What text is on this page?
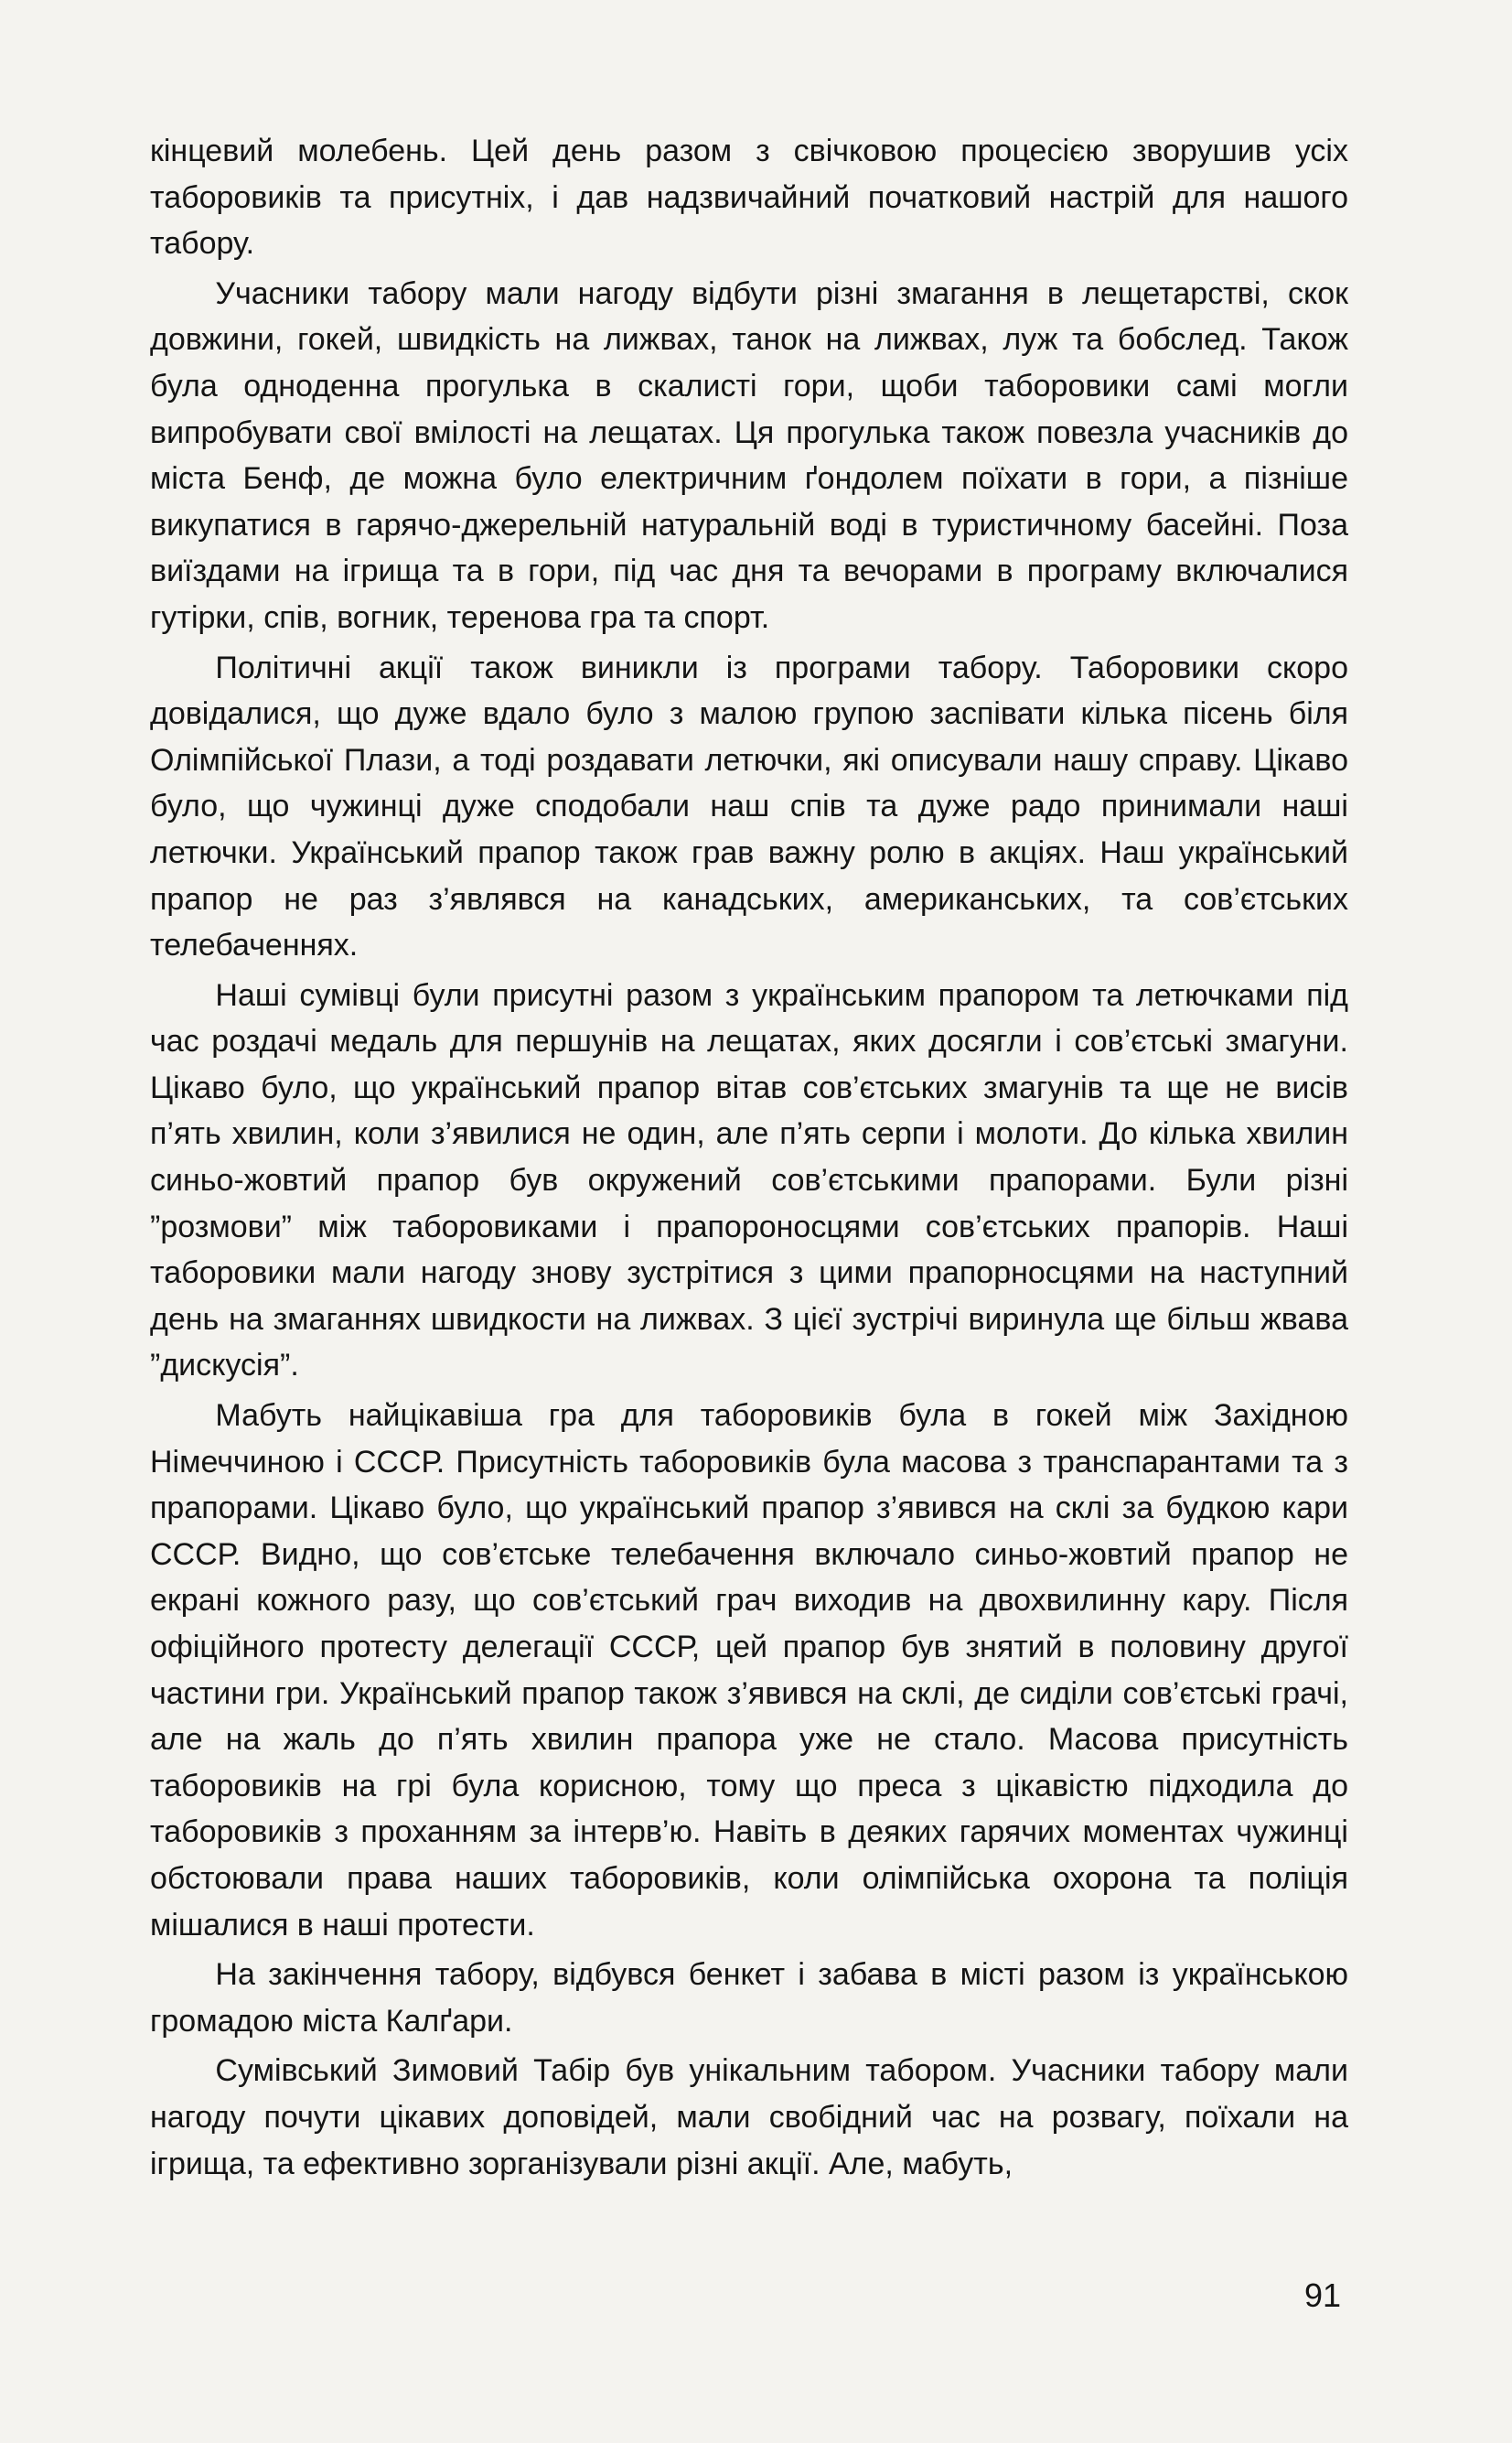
кінцевий молебень. Цей день разом з свічковою процесією зворушив усіх таборовиків та присутніх, і дав надзвичайний початковий настрій для нашого табору.

Учасники табору мали нагоду відбути різні змагання в лещетарстві, скок довжини, гокей, швидкість на лижвах, танок на лижвах, луж та бобслед. Також була одноденна прогулька в скалисті гори, щоби таборовики самі могли випробувати свої вмілості на лещатах. Ця прогулька також повезла учасників до міста Бенф, де можна було електричним ґондолем поїхати в гори, а пізніше викупатися в гарячо-джерельній натуральній воді в туристичному басейні. Поза виїздами на ігрища та в гори, під час дня та вечорами в програму включалися гутірки, спів, вогник, теренова гра та спорт.

Політичні акції також виникли із програми табору. Таборовики скоро довідалися, що дуже вдало було з малою групою заспівати кілька пісень біля Олімпійської Плази, а тоді роздавати летючки, які описували нашу справу. Цікаво було, що чужинці дуже сподобали наш спів та дуже радо принимали наші летючки. Український прапор також грав важну ролю в акціях. Наш український прапор не раз з’являвся на канадських, американських, та сов’єтських телебаченнях.

Наші сумівці були присутні разом з українським прапором та летючками під час роздачі медаль для першунів на лещатах, яких досягли і сов’єтські змагуни. Цікаво було, що український прапор вітав сов’єтських змагунів та ще не висів п’ять хвилин, коли з’явилися не один, але п’ять серпи і молоти. До кілька хвилин синьо-жовтий прапор був окружений сов’єтськими прапорами. Були різні ”розмови” між таборовиками і прапороносцями сов’єтських прапорів. Наші таборовики мали нагоду знову зустрітися з цими прапорносцями на наступний день на змаганнях швидкости на лижвах. З цієї зустрічі виринула ще більш жвава ”дискусія”.

Мабуть найцікавіша гра для таборовиків була в гокей між Західною Німеччиною і СССР. Присутність таборовиків була масова з транспарантами та з прапорами. Цікаво було, що український прапор з’явився на склі за будкою кари СССР. Видно, що сов’єтське телебачення включало синьо-жовтий прапор не екрані кожного разу, що сов’єтський грач виходив на двохвилинну кару. Після офіційного протесту делегації СССР, цей прапор був знятий в половину другої частини гри. Український прапор також з’явився на склі, де сиділи сов’єтські грачі, але на жаль до п’ять хвилин прапора уже не стало. Масова присутність таборовиків на грі була корисною, тому що преса з цікавістю підходила до таборовиків з проханням за інтерв’ю. Навіть в деяких гарячих моментах чужинці обстоювали права наших таборовиків, коли олімпійська охорона та поліція мішалися в наші протести.

На закінчення табору, відбувся бенкет і забава в місті разом із українською громадою міста Калґари.

Сумівський Зимовий Табір був унікальним табором. Учасники табору мали нагоду почути цікавих доповідей, мали свобідний час на розвагу, поїхали на ігрища, та ефективно зорганізували різні акції. Але, мабуть,

91
